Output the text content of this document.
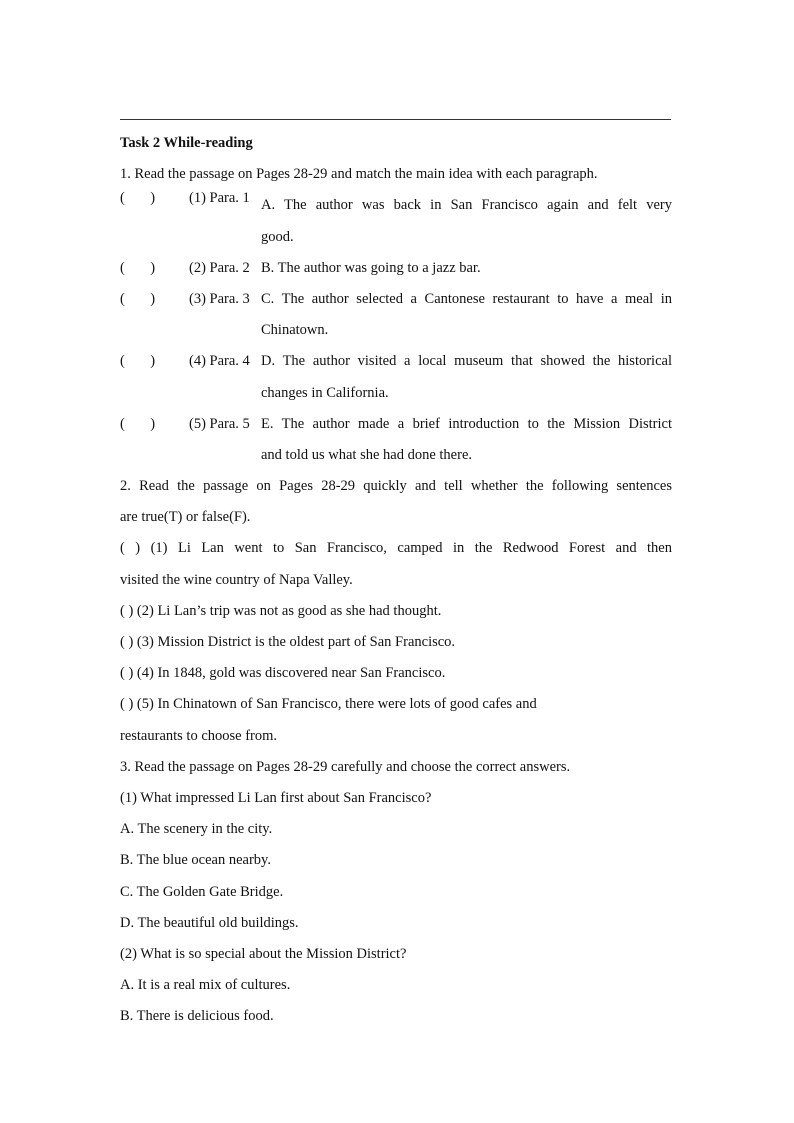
Task 2 While-reading
1. Read the passage on Pages 28-29 and match the main idea with each paragraph.
(       )	(1) Para. 1 A. The author was back in San Francisco again and felt very
good.
(       )	(2) Para. 2 B. The author was going to a jazz bar.
(       )	(3) Para. 3 C. The author selected a Cantonese restaurant to have a meal in
Chinatown.
(       )	(4) Para. 4 D. The author visited a local museum that showed the historical
changes in California.
(       )	(5) Para. 5 E. The author made a brief introduction to the Mission District
and told us what she had done there.
2. Read the passage on Pages 28-29 quickly and tell whether the following sentences
are true(T) or false(F).
( ) (1) Li Lan went to San Francisco, camped in the Redwood Forest and then
visited the wine country of Napa Valley.
( ) (2) Li Lan’s trip was not as good as she had thought.
( ) (3) Mission District is the oldest part of San Francisco.
( ) (4) In 1848, gold was discovered near San Francisco.
( ) (5) In Chinatown of San Francisco, there were lots of good cafes and
restaurants to choose from.
3. Read the passage on Pages 28-29 carefully and choose the correct answers.
(1) What impressed Li Lan first about San Francisco?
A. The scenery in the city.
B. The blue ocean nearby.
C. The Golden Gate Bridge.
D. The beautiful old buildings.
(2) What is so special about the Mission District?
A. It is a real mix of cultures.
B. There is delicious food.
